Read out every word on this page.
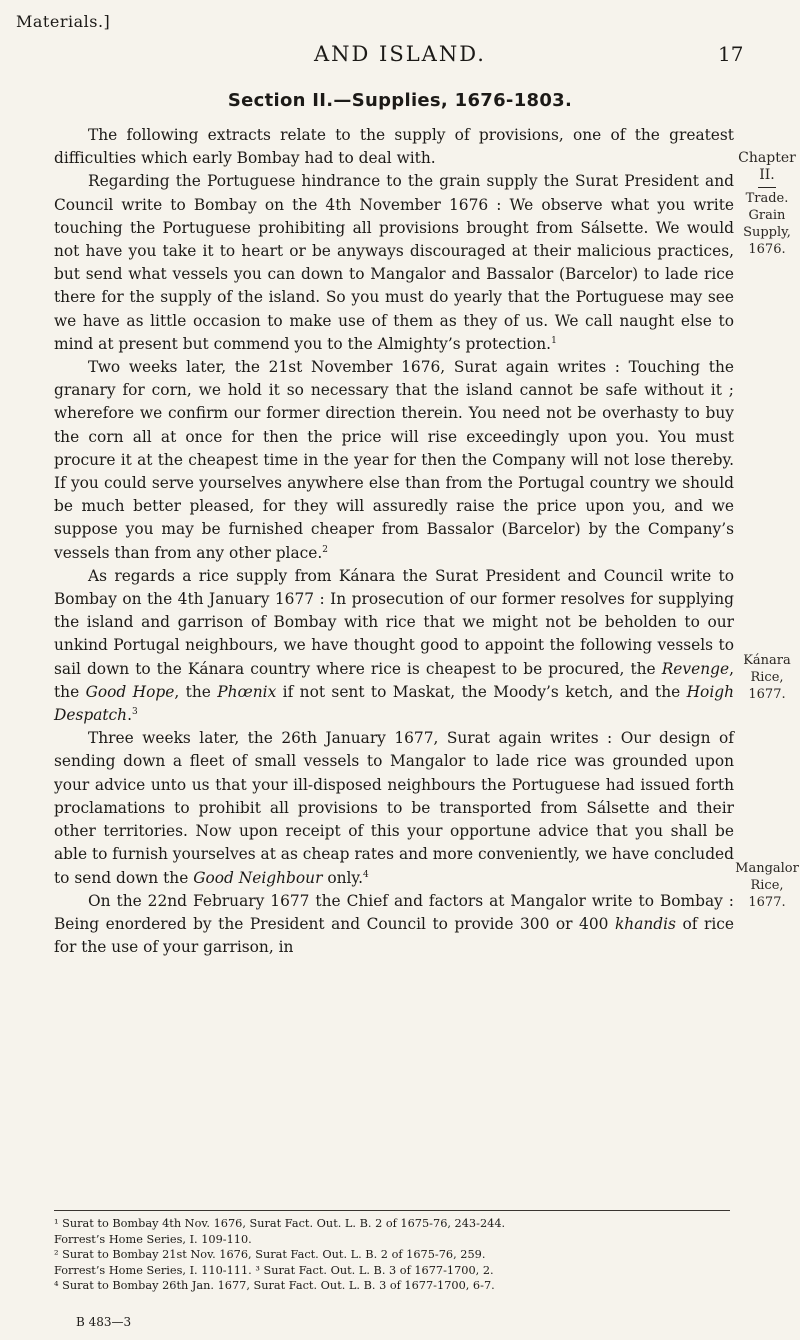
Materials.]
AND ISLAND.	17
Section II.—Supplies, 1676-1803.

The following extracts relate to the supply of provisions, one of the greatest difficulties which early Bombay had to deal with.

Regarding the Portuguese hindrance to the grain supply the Surat President and Council write to Bombay on the 4th November 1676 : We observe what you write touching the Portuguese prohibiting all provisions brought from Sálsette. We would not have you take it to heart or be anyways discouraged at their malicious practices, but send what vessels you can down to Mangalor and Bassalor (Barcelor) to lade rice there for the supply of the island. So you must do yearly that the Portuguese may see we have as little occasion to make use of them as they of us. We call naught else to mind at present but commend you to the Almighty’s protection.$^1$

Two weeks later, the 21st November 1676, Surat again writes : Touching the granary for corn, we hold it so necessary that the island cannot be safe without it ; wherefore we confirm our former direction therein. You need not be overhasty to buy the corn all at once for then the price will rise exceedingly upon you. You must procure it at the cheapest time in the year for then the Company will not lose thereby. If you could serve yourselves anywhere else than from the Portugal country we should be much better pleased, for they will assuredly raise the price upon you, and we suppose you may be furnished cheaper from Bassalor (Barcelor) by the Company’s vessels than from any other place.$^2$

As regards a rice supply from Kánara the Surat President and Council write to Bombay on the 4th January 1677 : In prosecution of our former resolves for supplying the island and garrison of Bombay with rice that we might not be beholden to our unkind Portugal neighbours, we have thought good to appoint the following vessels to sail down to the Kánara country where rice is cheapest to be procured, the Revenge, the Good Hope, the Phœnix if not sent to Maskat, the Moody’s ketch, and the Hoigh Despatch.$^3$

Three weeks later, the 26th January 1677, Surat again writes : Our design of sending down a fleet of small vessels to Mangalor to lade rice was grounded upon your advice unto us that your ill-disposed neighbours the Portuguese had issued forth proclamations to prohibit all provisions to be transported from Sálsette and their other territories. Now upon receipt of this your opportune advice that you shall be able to furnish yourselves at as cheap rates and more conveniently, we have concluded to send down the Good Neighbour only.$^4$

On the 22nd February 1677 the Chief and factors at Mangalor write to Bombay : Being enordered by the President and Council to provide 300 or 400 khandis of rice for the use of your garrison, in

Chapter II.
Trade.
Grain Supply,
1676.
Kánara Rice,
1677.
Mangalor Rice,
1677.
¹ Surat to Bombay 4th Nov. 1676, Surat Fact. Out. L. B. 2 of 1675-76, 243-244.
Forrest’s Home Series, I. 109-110.
² Surat to Bombay 21st Nov. 1676, Surat Fact. Out. L. B. 2 of 1675-76, 259.
Forrest’s Home Series, I. 110-111. ³ Surat Fact. Out. L. B. 3 of 1677-1700, 2.
⁴ Surat to Bombay 26th Jan. 1677, Surat Fact. Out. L. B. 3 of 1677-1700, 6-7.
B 483—3
